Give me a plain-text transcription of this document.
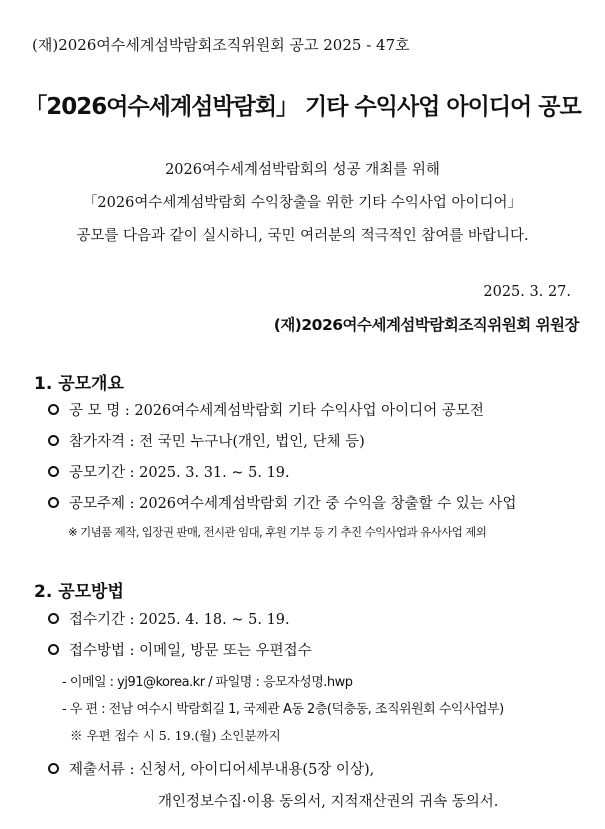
(재)2026여수세계섬박람회조직위원회 공고 2025 - 47호
「2026여수세계섬박람회」 기타 수익사업 아이디어 공모
2026여수세계섬박람회의 성공 개최를 위해
「2026여수세계섬박람회 수익창출을 위한 기타 수익사업 아이디어」
공모를 다음과 같이 실시하니, 국민 여러분의 적극적인 참여를 바랍니다.
2025. 3. 27.
(재)2026여수세계섬박람회조직위원회 위원장
1. 공모개요
공 모 명 : 2026여수세계섬박람회 기타 수익사업 아이디어 공모전
참가자격 : 전 국민 누구나(개인, 법인, 단체 등)
공모기간 : 2025. 3. 31. ~ 5. 19.
공모주제 : 2026여수세계섬박람회 기간 중 수익을 창출할 수 있는 사업
※ 기념품 제작, 입장권 판매, 전시관 임대, 후원 기부 등 기 추진 수익사업과 유사사업 제외
2. 공모방법
접수기간 : 2025. 4. 18. ~ 5. 19.
접수방법 : 이메일, 방문 또는 우편접수
- 이메일 : yj91@korea.kr / 파일명 : 응모자성명.hwp
- 우 편 : 전남 여수시 박람회길 1, 국제관 A동 2층(덕충동, 조직위원회 수익사업부)
※ 우편 접수 시 5. 19.(월) 소인분까지
제출서류 : 신청서, 아이디어세부내용(5장 이상),
개인정보수집·이용 동의서, 지적재산권의 귀속 동의서.
